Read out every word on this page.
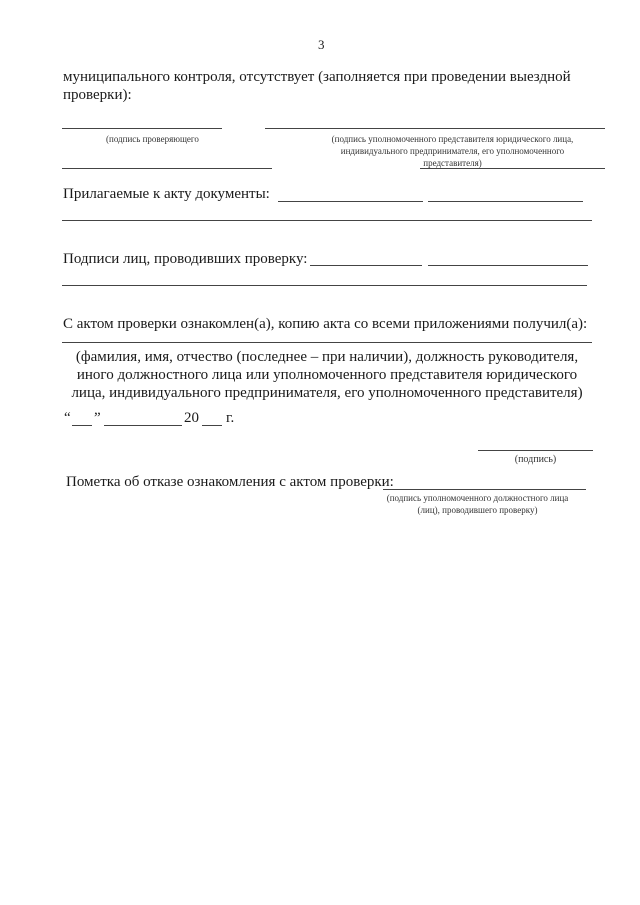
3
муниципального контроля, отсутствует (заполняется при проведении выездной
проверки):
(подпись проверяющего	(подпись уполномоченного представителя юридического лица,
индивидуального предпринимателя, его уполномоченного
представителя)
Прилагаемые к акту документы:
Подписи лиц, проводивших проверку:
С актом проверки ознакомлен(а), копию акта со всеми приложениями получил(а):
(фамилия, имя, отчество (последнее – при наличии), должность руководителя,
иного должностного лица или уполномоченного представителя юридического
лица, индивидуального предпринимателя, его уполномоченного представителя)
“ ”	20 г.
(подпись)
Пометка об отказе ознакомления с актом проверки:
(подпись уполномоченного должностного лица
(лиц), проводившего проверку)
